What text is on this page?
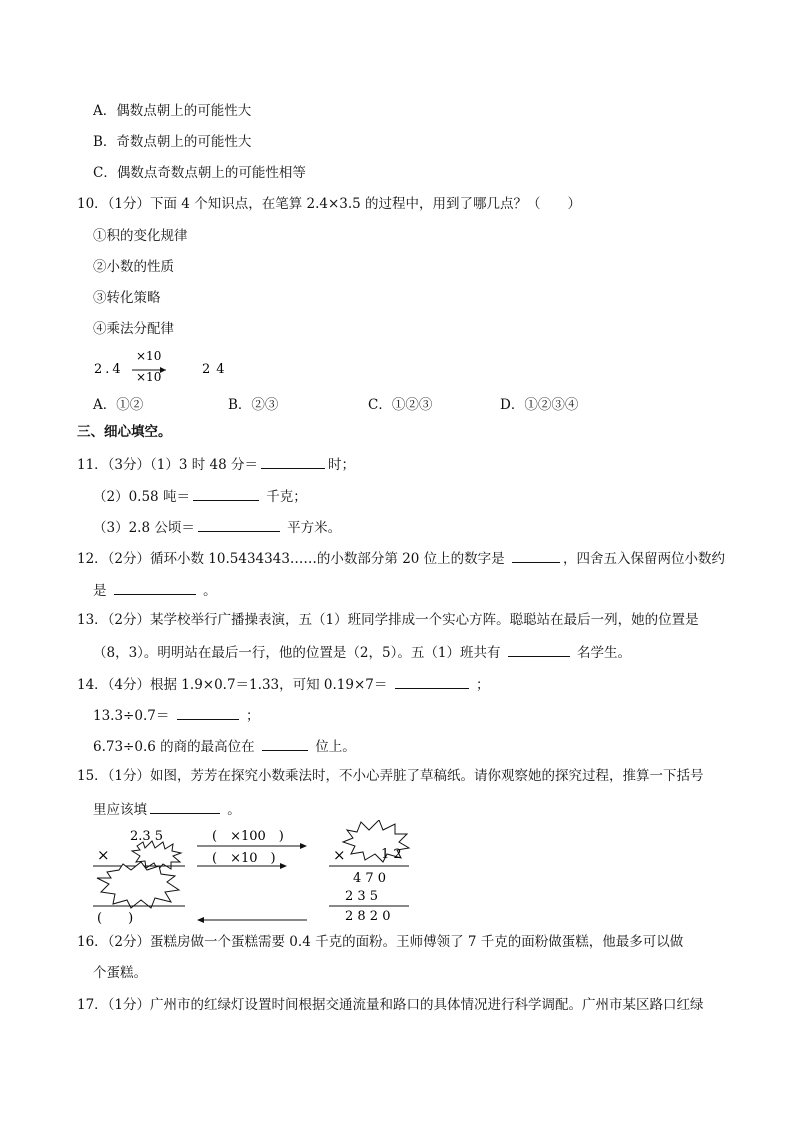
A．偶数点朝上的可能性大
B．奇数点朝上的可能性大
C．偶数点奇数点朝上的可能性相等
10．（1分）下面 4 个知识点，在笔算 2.4×3.5 的过程中，用到了哪几点？（　　）
①积的变化规律
②小数的性质
③转化策略
④乘法分配律
2.4
×10
×10	24
A．①②	B．②③	C．①②③	D．①②③④
三、细心填空。
11．（3分）（1）3 时 48 分＝	时；
（2）0.58 吨＝	千克；
（3）2.8 公顷＝	平方米。
12．（2分）循环小数 10.5434343……的小数部分第 20 位上的数字是	，四舍五入保留两位小数约
是	。
13．（2分）某学校举行广播操表演，五（1）班同学排成一个实心方阵。聪聪站在最后一列，她的位置是
（8，3）。明明站在最后一行，他的位置是（2，5）。五（1）班共有	名学生。
14．（4分）根据 1.9×0.7＝1.33，可知 0.19×7＝	；
13.3÷0.7＝	；
6.73÷0.6 的商的最高位在	位上。
15．（1分）如图，芳芳在探究小数乘法时，不小心弄脏了草稿纸。请你观察她的探究过程，推算一下括号
里应该填	。
2.3 5
×
(　　)
(　×100　)
(　×10　)	×	1 2
4 7 0
2 3 5
2 8 2 0
16．（2分）蛋糕房做一个蛋糕需要 0.4 千克的面粉。王师傅领了 7 千克的面粉做蛋糕，他最多可以做
个蛋糕。
17．（1分）广州市的红绿灯设置时间根据交通流量和路口的具体情况进行科学调配。广州市某区路口红绿
